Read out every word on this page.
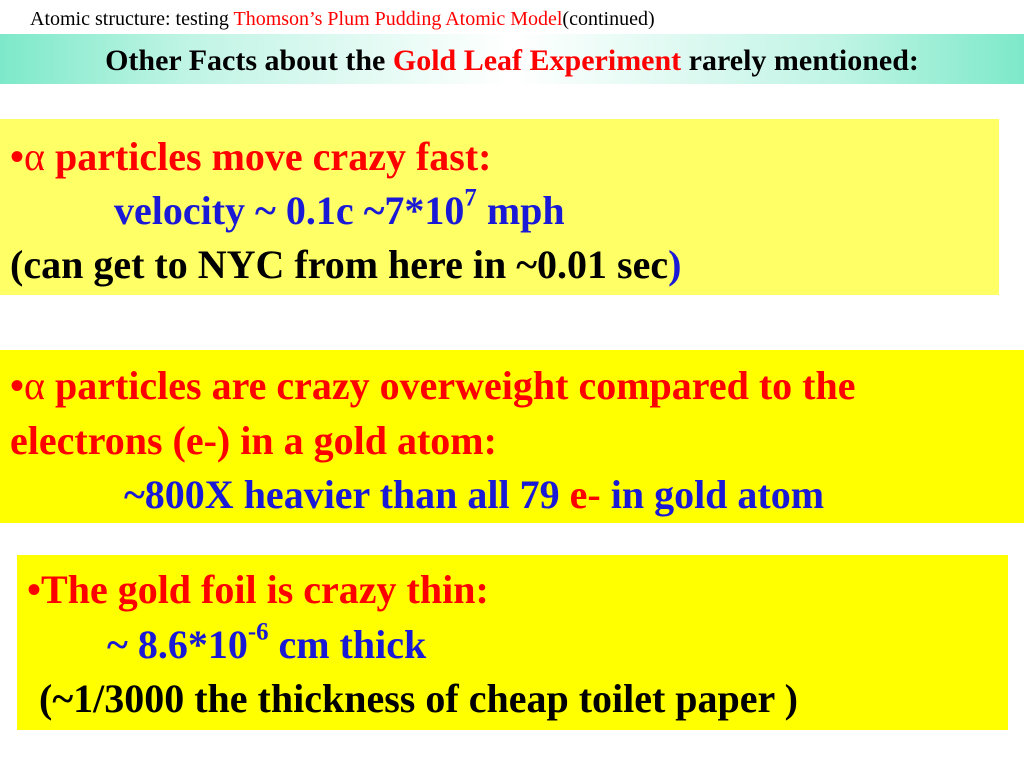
Atomic structure: testing Thomson’s Plum Pudding Atomic Model(continued)
Other Facts about the Gold Leaf Experiment rarely mentioned:
•α particles move crazy fast:
velocity ~ 0.1c $\sim 7*10^7$ mph
(can get to NYC from here in ~0.01 sec)
•α particles are crazy overweight compared to the
electrons (e-) in a gold atom:
~800X heavier than all 79 e- in gold atom
•The gold foil is crazy thin:
~ $8.6*10^{-6}$ cm thick
(~1/3000 the thickness of cheap toilet paper )
